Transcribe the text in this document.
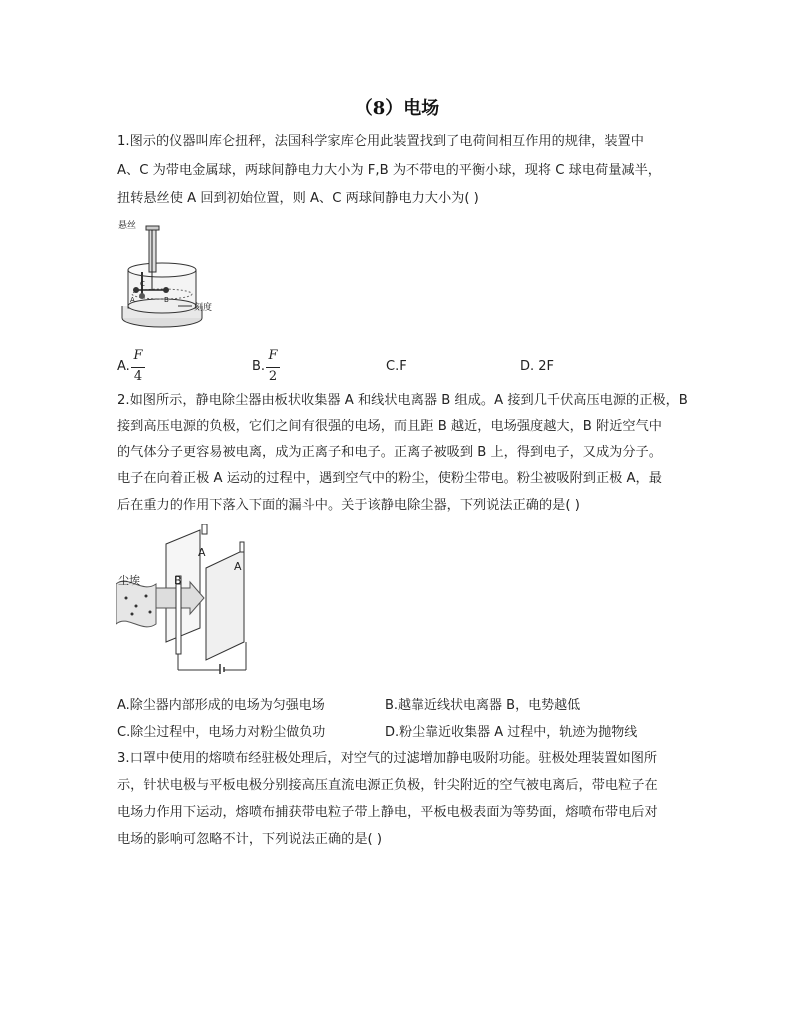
（8）电场
1.图示的仪器叫库仑扭秤，法国科学家库仑用此装置找到了电荷间相互作用的规律，装置中
A、C 为带电金属球，两球间静电力大小为 F,B 为不带电的平衡小球，现将 C 球电荷量减半，
扭转悬丝使 A 回到初始位置，则 A、C 两球间静电力大小为( )
悬丝
刻度
C
A	B
A.
F
4
B.
F
2
C.F	D. 2F
2.如图所示，静电除尘器由板状收集器 A 和线状电离器 B 组成。A 接到几千伏高压电源的正极，B
接到高压电源的负极，它们之间有很强的电场，而且距 B 越近，电场强度越大，B 附近空气中
的气体分子更容易被电离，成为正离子和电子。正离子被吸到 B 上，得到电子，又成为分子。
电子在向着正极 A 运动的过程中，遇到空气中的粉尘，使粉尘带电。粉尘被吸附到正极 A，最
后在重力的作用下落入下面的漏斗中。关于该静电除尘器，下列说法正确的是( )
尘埃
A
A
B
A.除尘器内部形成的电场为匀强电场	B.越靠近线状电离器 B，电势越低
C.除尘过程中，电场力对粉尘做负功	D.粉尘靠近收集器 A 过程中，轨迹为抛物线
3.口罩中使用的熔喷布经驻极处理后，对空气的过滤增加静电吸附功能。驻极处理装置如图所
示，针状电极与平板电极分别接高压直流电源正负极，针尖附近的空气被电离后，带电粒子在
电场力作用下运动，熔喷布捕获带电粒子带上静电，平板电极表面为等势面，熔喷布带电后对
电场的影响可忽略不计，下列说法正确的是( )
